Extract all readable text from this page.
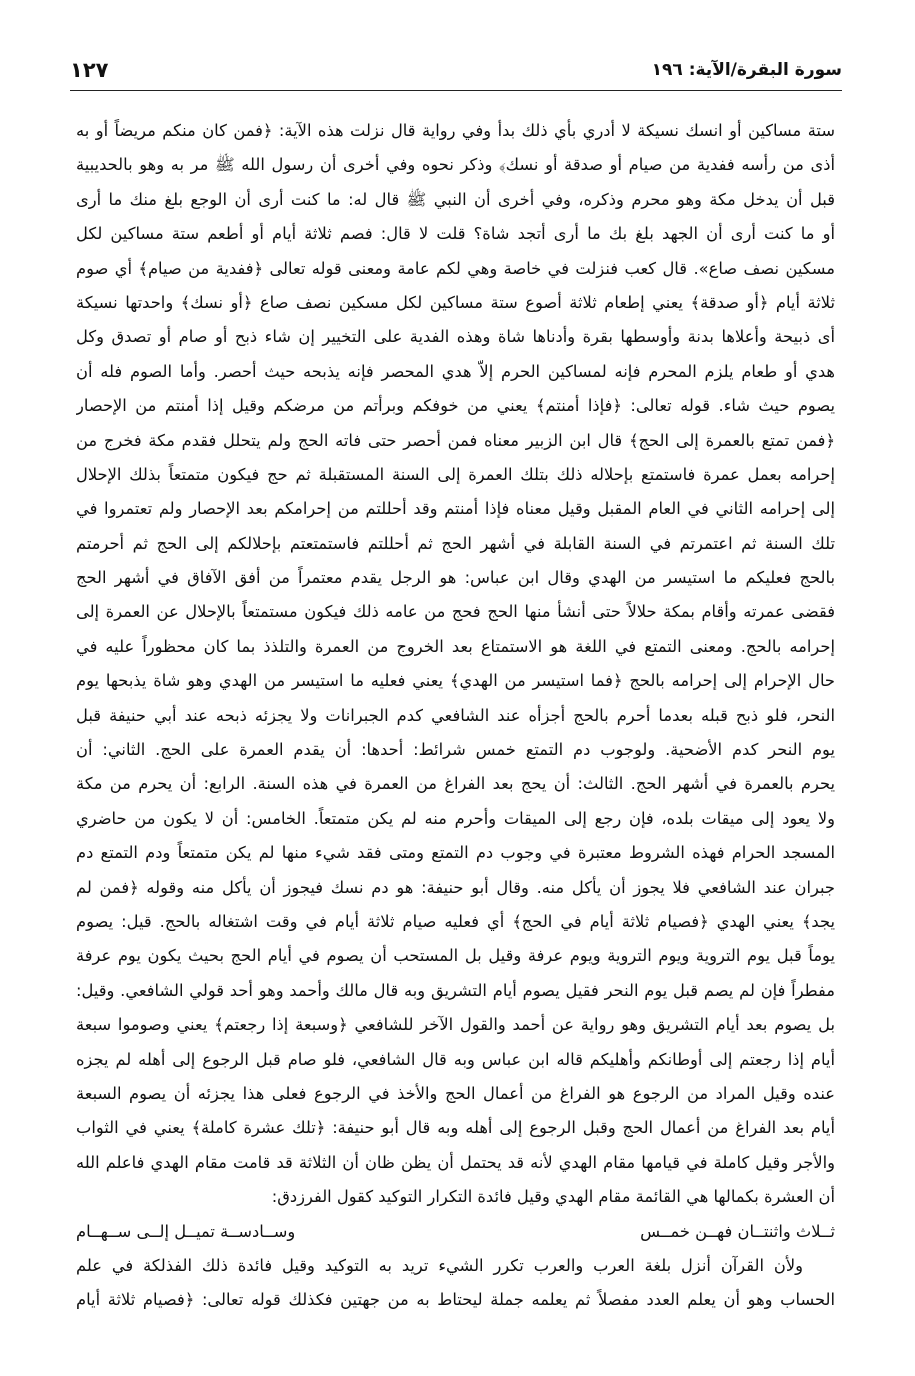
سورة البقرة/الآية: ١٩٦
١٢٧
ستة مساكين أو انسك نسيكة لا أدري بأي ذلك بدأ وفي رواية قال نزلت هذه الآية: ﴿فمن كان منكم مريضاً أو به
أذى من رأسه ففدية من صيام أو صدقة أو نسك﴾ وذكر نحوه وفي أخرى أن رسول الله ﷺ مر به وهو بالحديبية
قبل أن يدخل مكة وهو محرم وذكره، وفي أخرى أن النبي ﷺ قال له: ما كنت أرى أن الوجع بلغ منك ما أرى
أو ما كنت أرى أن الجهد بلغ بك ما أرى أتجد شاة؟ قلت لا قال: فصم ثلاثة أيام أو أطعم ستة مساكين لكل
مسكين نصف صاع». قال كعب فنزلت في خاصة وهي لكم عامة ومعنى قوله تعالى ﴿ففدية من صيام﴾ أي صوم
ثلاثة أيام ﴿أو صدقة﴾ يعني إطعام ثلاثة أصوع ستة مساكين لكل مسكين نصف صاع ﴿أو نسك﴾ واحدتها نسيكة
أى ذبيحة وأعلاها بدنة وأوسطها بقرة وأدناها شاة وهذه الفدية على التخيير إن شاء ذبح أو صام أو تصدق وكل
هدي أو طعام يلزم المحرم فإنه لمساكين الحرم إلاّ هدي المحصر فإنه يذبحه حيث أحصر. وأما الصوم فله أن
يصوم حيث شاء. قوله تعالى: ﴿فإذا أمنتم﴾ يعني من خوفكم وبرأتم من مرضكم وقيل إذا أمنتم من الإحصار
﴿فمن تمتع بالعمرة إلى الحج﴾ قال ابن الزبير معناه فمن أحصر حتى فاته الحج ولم يتحلل فقدم مكة فخرج من
إحرامه بعمل عمرة فاستمتع بإحلاله ذلك بتلك العمرة إلى السنة المستقبلة ثم حج فيكون متمتعاً بذلك الإحلال
إلى إحرامه الثاني في العام المقبل وقيل معناه فإذا أمنتم وقد أحللتم من إحرامكم بعد الإحصار ولم تعتمروا في
تلك السنة ثم اعتمرتم في السنة القابلة في أشهر الحج ثم أحللتم فاستمتعتم بإحلالكم إلى الحج ثم أحرمتم
بالحج فعليكم ما استيسر من الهدي وقال ابن عباس: هو الرجل يقدم معتمراً من أفق الآفاق في أشهر الحج
فقضى عمرته وأقام بمكة حلالاً حتى أنشأ منها الحج فحج من عامه ذلك فيكون مستمتعاً بالإحلال عن العمرة إلى
إحرامه بالحج. ومعنى التمتع في اللغة هو الاستمتاع بعد الخروج من العمرة والتلذذ بما كان محظوراً عليه في
حال الإحرام إلى إحرامه بالحج ﴿فما استيسر من الهدي﴾ يعني فعليه ما استيسر من الهدي وهو شاة يذبحها يوم
النحر، فلو ذبح قبله بعدما أحرم بالحج أجزأه عند الشافعي كدم الجبرانات ولا يجزئه ذبحه عند أبي حنيفة قبل
يوم النحر كدم الأضحية. ولوجوب دم التمتع خمس شرائط: أحدها: أن يقدم العمرة على الحج. الثاني: أن
يحرم بالعمرة في أشهر الحج. الثالث: أن يحج بعد الفراغ من العمرة في هذه السنة. الرابع: أن يحرم من مكة
ولا يعود إلى ميقات بلده، فإن رجع إلى الميقات وأحرم منه لم يكن متمتعاً. الخامس: أن لا يكون من حاضري
المسجد الحرام فهذه الشروط معتبرة في وجوب دم التمتع ومتى فقد شيء منها لم يكن متمتعاً ودم التمتع دم
جبران عند الشافعي فلا يجوز أن يأكل منه. وقال أبو حنيفة: هو دم نسك فيجوز أن يأكل منه وقوله ﴿فمن لم
يجد﴾ يعني الهدي ﴿فصيام ثلاثة أيام في الحج﴾ أي فعليه صيام ثلاثة أيام في وقت اشتغاله بالحج. قيل: يصوم
يوماً قبل يوم التروية ويوم التروية ويوم عرفة وقيل بل المستحب أن يصوم في أيام الحج بحيث يكون يوم عرفة
مفطراً فإن لم يصم قبل يوم النحر فقيل يصوم أيام التشريق وبه قال مالك وأحمد وهو أحد قولي الشافعي. وقيل:
بل يصوم بعد أيام التشريق وهو رواية عن أحمد والقول الآخر للشافعي ﴿وسبعة إذا رجعتم﴾ يعني وصوموا سبعة
أيام إذا رجعتم إلى أوطانكم وأهليكم قاله ابن عباس وبه قال الشافعي، فلو صام قبل الرجوع إلى أهله لم يجزه
عنده وقيل المراد من الرجوع هو الفراغ من أعمال الحج والأخذ في الرجوع فعلى هذا يجزئه أن يصوم السبعة
أيام بعد الفراغ من أعمال الحج وقبل الرجوع إلى أهله وبه قال أبو حنيفة: ﴿تلك عشرة كاملة﴾ يعني في الثواب
والأجر وقيل كاملة في قيامها مقام الهدي لأنه قد يحتمل أن يظن ظان أن الثلاثة قد قامت مقام الهدي فاعلم الله
أن العشرة بكمالها هي القائمة مقام الهدي وقيل فائدة التكرار التوكيد كقول الفرزدق:
ثــلاث واثنتــان فهــن خمــس
وســادســة تميــل إلــى ســهــام
ولأن القرآن أنزل بلغة العرب والعرب تكرر الشيء تريد به التوكيد وقيل فائدة ذلك الفذلكة في علم
الحساب وهو أن يعلم العدد مفصلاً ثم يعلمه جملة ليحتاط به من جهتين فكذلك قوله تعالى: ﴿فصيام ثلاثة أيام
